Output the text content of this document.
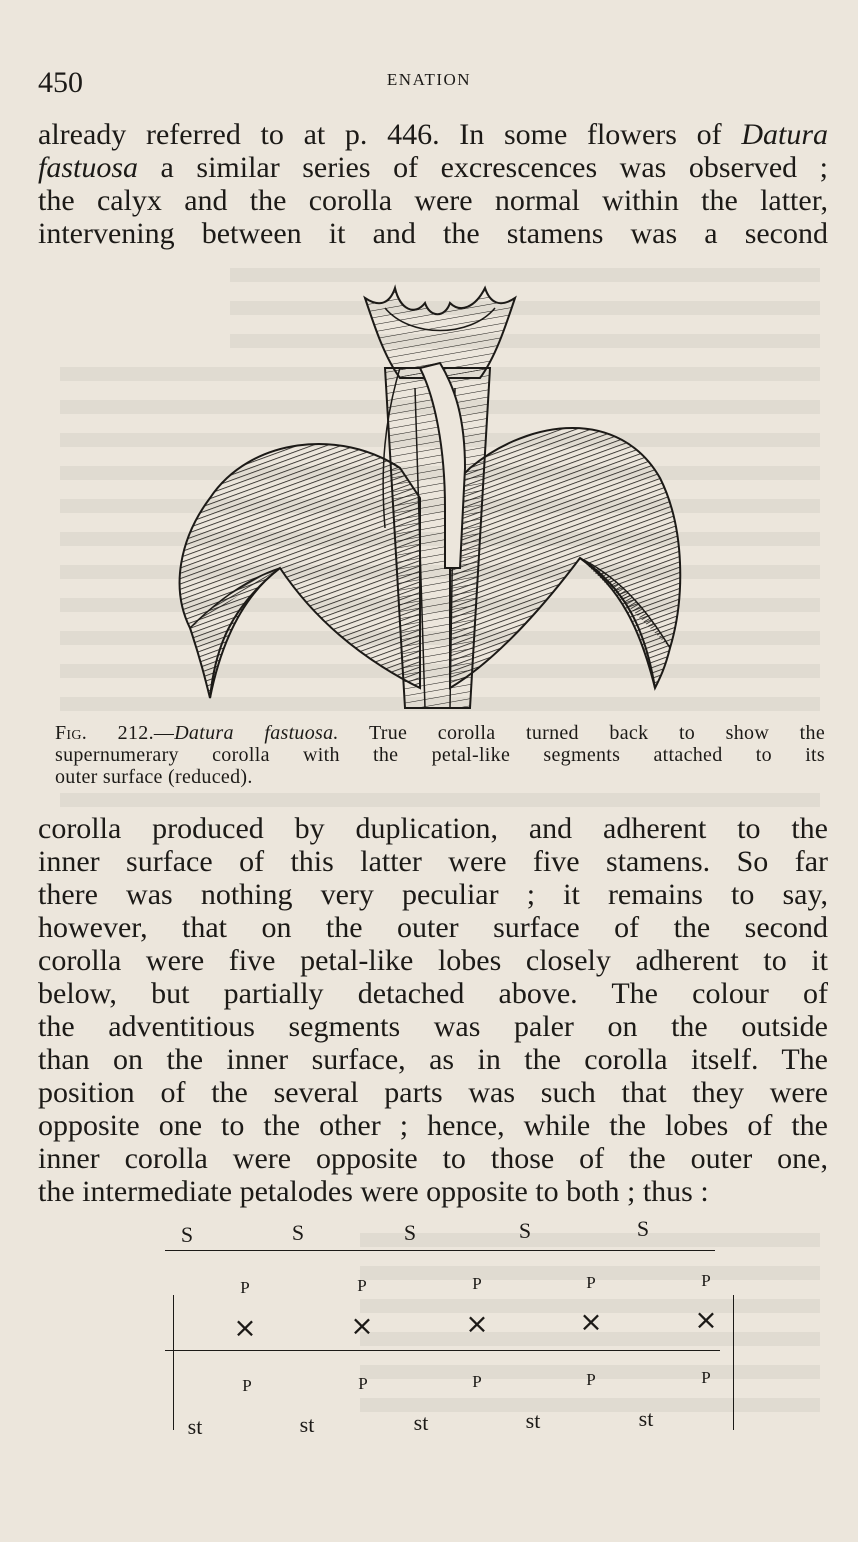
450	ENATION
already referred to at p. 446. In some flowers of Datura
fastuosa a similar series of excrescences was observed ;
the calyx and the corolla were normal within the latter,
intervening between it and the stamens was a second
Fig. 212.—Datura fastuosa. True corolla turned back to show the
supernumerary corolla with the petal-like segments attached to its
outer surface (reduced).
corolla produced by duplication, and adherent to the
inner surface of this latter were five stamens. So far
there was nothing very peculiar ; it remains to say,
however, that on the outer surface of the second
corolla were five petal-like lobes closely adherent to it
below, but partially detached above. The colour of
the adventitious segments was paler on the outside
than on the inner surface, as in the corolla itself. The
position of the several parts was such that they were
opposite one to the other ; hence, while the lobes of the
inner corolla were opposite to those of the outer one,
the intermediate petalodes were opposite to both ; thus :
S	S	S	S	S
P	P	P	P	P
×	×	×	×	×
P	P	P	P	P
st	st	st	st	st
